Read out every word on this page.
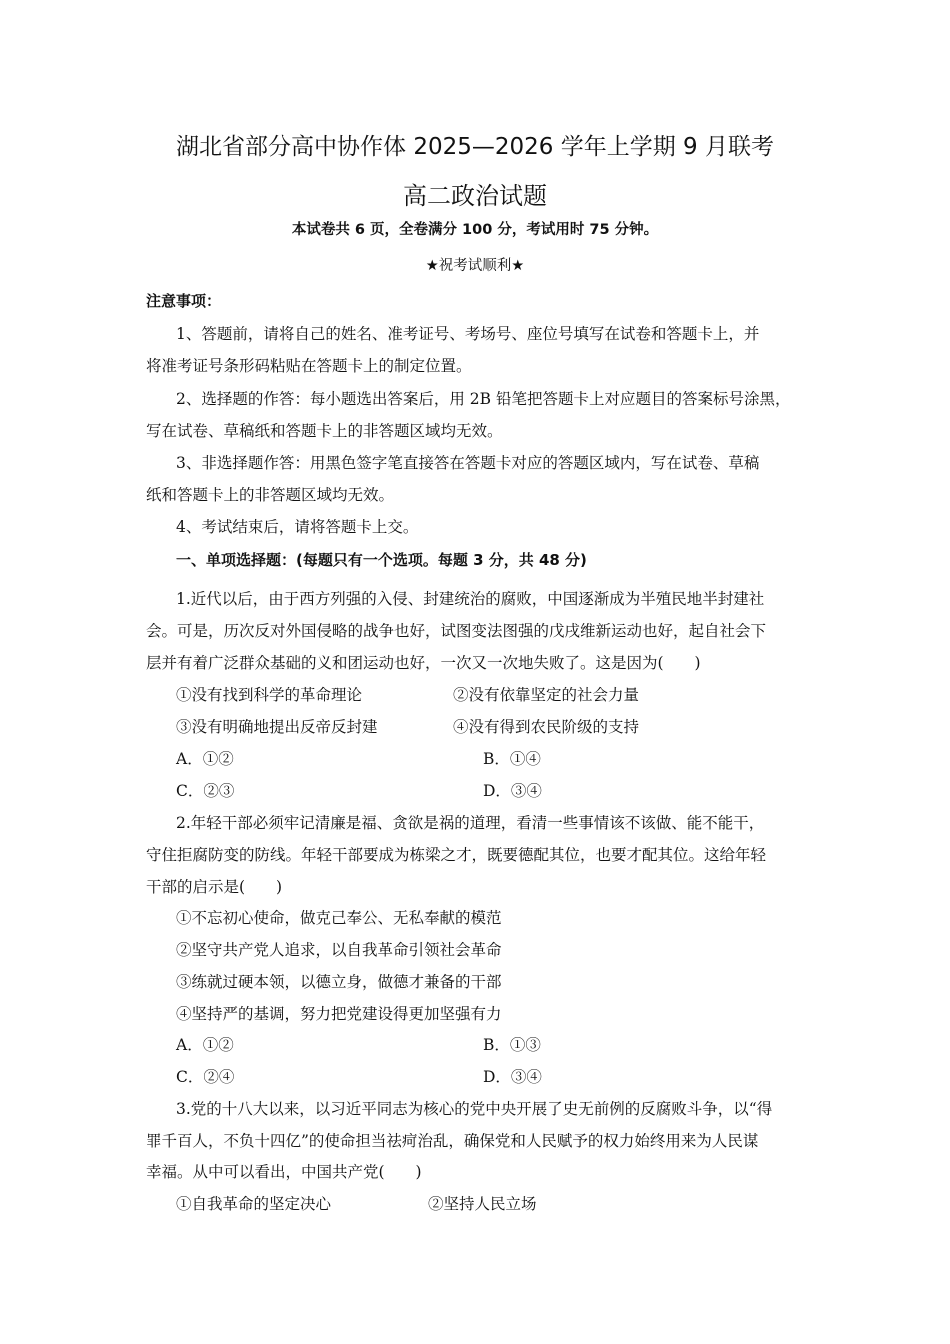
湖北省部分高中协作体 2025—2026 学年上学期 9 月联考
高二政治试题
本试卷共 6 页，全卷满分 100 分，考试用时 75 分钟。
★祝考试顺利★
注意事项：
1、答题前，请将自己的姓名、准考证号、考场号、座位号填写在试卷和答题卡上，并
将准考证号条形码粘贴在答题卡上的制定位置。
2、选择题的作答：每小题选出答案后，用 2B 铅笔把答题卡上对应题目的答案标号涂黑，
写在试卷、草稿纸和答题卡上的非答题区域均无效。
3、非选择题作答：用黑色签字笔直接答在答题卡对应的答题区域内，写在试卷、草稿
纸和答题卡上的非答题区域均无效。
4、考试结束后，请将答题卡上交。
一、单项选择题：(每题只有一个选项。每题 3 分，共 48 分)
1.近代以后，由于西方列强的入侵、封建统治的腐败，中国逐渐成为半殖民地半封建社
会。可是，历次反对外国侵略的战争也好，试图变法图强的戊戌维新运动也好，起自社会下
层并有着广泛群众基础的义和团运动也好，一次又一次地失败了。这是因为(　　)
①没有找到科学的革命理论	②没有依靠坚定的社会力量
③没有明确地提出反帝反封建	④没有得到农民阶级的支持
A．①②	B．①④
C．②③	D．③④
2.年轻干部必须牢记清廉是福、贪欲是祸的道理，看清一些事情该不该做、能不能干，
守住拒腐防变的防线。年轻干部要成为栋梁之才，既要德配其位，也要才配其位。这给年轻
干部的启示是(　　)
①不忘初心使命，做克己奉公、无私奉献的模范
②坚守共产党人追求，以自我革命引领社会革命
③练就过硬本领，以德立身，做德才兼备的干部
④坚持严的基调，努力把党建设得更加坚强有力
A．①②	B．①③
C．②④	D．③④
3.党的十八大以来，以习近平同志为核心的党中央开展了史无前例的反腐败斗争，以“得
罪千百人，不负十四亿”的使命担当祛疴治乱，确保党和人民赋予的权力始终用来为人民谋
幸福。从中可以看出，中国共产党(　　)
①自我革命的坚定决心	②坚持人民立场
